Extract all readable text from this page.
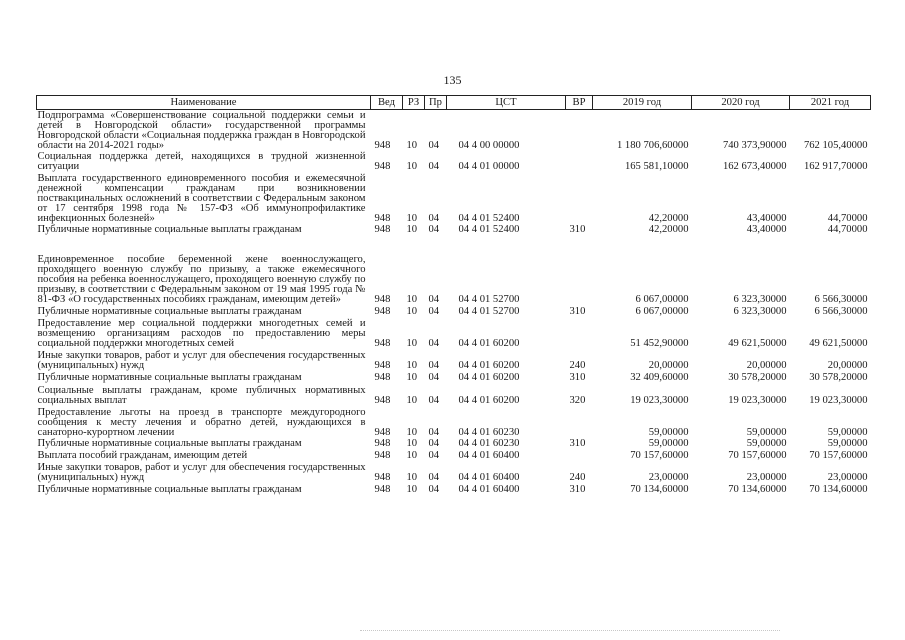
135
Наименование	Вед	РЗ	Пр	ЦСТ	ВР	2019 год	2020 год	2021 год
Подпрограмма «Совершенствование социальной поддержки семьи и детей в Новгородской области» государственной программы Новгородской области «Социальная поддержка граждан в Новгородской области на 2014-2021 годы»	948	10	04	04 4 00 00000		1 180 706,60000	740 373,90000	762 105,40000
Социальная поддержка детей, находящихся в трудной жизненной ситуации	948	10	04	04 4 01 00000		165 581,10000	162 673,40000	162 917,70000
Выплата государственного единовременного пособия и ежемесячной денежной компенсации гражданам при возникновении поствакцинальных осложнений в соответствии с Федеральным законом от 17 сентября 1998 года № 157-ФЗ «Об иммунопрофилактике инфекционных болезней»	948	10	04	04 4 01 52400		42,20000	43,40000	44,70000
Публичные нормативные социальные выплаты гражданам	948	10	04	04 4 01 52400	310	42,20000	43,40000	44,70000
Единовременное пособие беременной жене военнослужащего, проходящего военную службу по призыву, а также ежемесячного пособия на ребенка военнослужащего, проходящего военную службу по призыву, в соответствии с Федеральным законом от 19 мая 1995 года № 81-ФЗ «О государственных пособиях гражданам, имеющим детей»	948	10	04	04 4 01 52700		6 067,00000	6 323,30000	6 566,30000
Публичные нормативные социальные выплаты гражданам	948	10	04	04 4 01 52700	310	6 067,00000	6 323,30000	6 566,30000
Предоставление мер социальной поддержки многодетных семей и возмещению организациям расходов по предоставлению меры социальной поддержки многодетных семей	948	10	04	04 4 01 60200		51 452,90000	49 621,50000	49 621,50000
Иные закупки товаров, работ и услуг для обеспечения государственных (муниципальных) нужд	948	10	04	04 4 01 60200	240	20,00000	20,00000	20,00000
Публичные нормативные социальные выплаты гражданам	948	10	04	04 4 01 60200	310	32 409,60000	30 578,20000	30 578,20000
Социальные выплаты гражданам, кроме публичных нормативных социальных выплат	948	10	04	04 4 01 60200	320	19 023,30000	19 023,30000	19 023,30000
Предоставление льготы на проезд в транспорте междугородного сообщения к месту лечения и обратно детей, нуждающихся в санаторно-курортном лечении	948	10	04	04 4 01 60230		59,00000	59,00000	59,00000
Публичные нормативные социальные выплаты гражданам	948	10	04	04 4 01 60230	310	59,00000	59,00000	59,00000
Выплата пособий гражданам, имеющим детей	948	10	04	04 4 01 60400		70 157,60000	70 157,60000	70 157,60000
Иные закупки товаров, работ и услуг для обеспечения государственных (муниципальных) нужд	948	10	04	04 4 01 60400	240	23,00000	23,00000	23,00000
Публичные нормативные социальные выплаты гражданам	948	10	04	04 4 01 60400	310	70 134,60000	70 134,60000	70 134,60000
